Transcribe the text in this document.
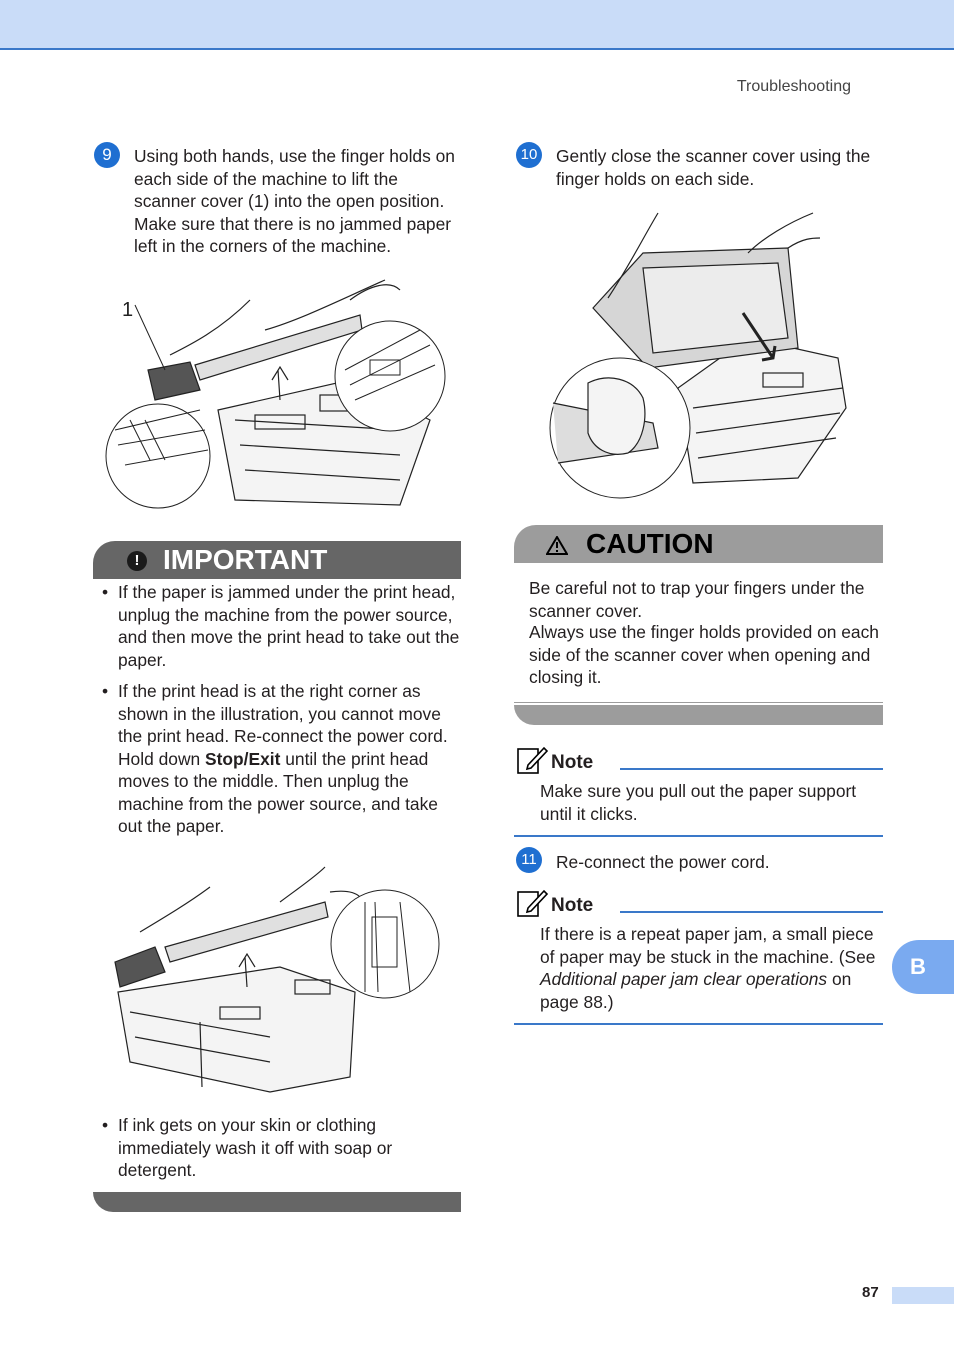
Troubleshooting
9	Using both hands, use the finger holds on each side of the machine to lift the scanner cover (1) into the open position. Make sure that there is no jammed paper left in the corners of the machine.
1
! IMPORTANT
• If the paper is jammed under the print head, unplug the machine from the power source, and then move the print head to take out the paper.
• If the print head is at the right corner as shown in the illustration, you cannot move the print head. Re-connect the power cord. Hold down Stop/Exit until the print head moves to the middle. Then unplug the machine from the power source, and take out the paper.
• If ink gets on your skin or clothing immediately wash it off with soap or detergent.
10 Gently close the scanner cover using the finger holds on each side.
CAUTION
Be careful not to trap your fingers under the scanner cover.
Always use the finger holds provided on each side of the scanner cover when opening and closing it.
Note
Make sure you pull out the paper support until it clicks.
11 Re-connect the power cord.
Note
If there is a repeat paper jam, a small piece of paper may be stuck in the machine. (See Additional paper jam clear operations on page 88.)
B
87
